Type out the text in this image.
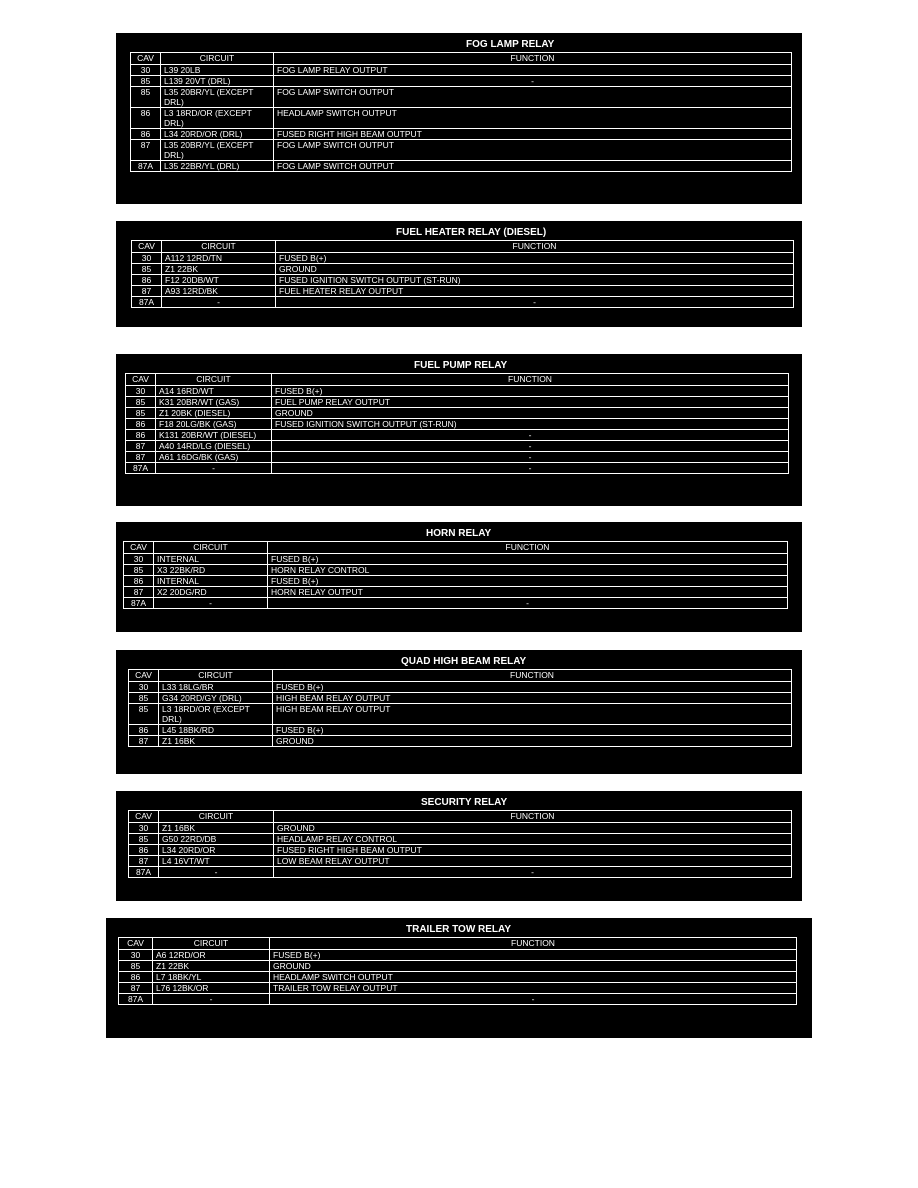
FOG LAMP RELAY
CAV	CIRCUIT	FUNCTION
30	L39 20LB	FOG LAMP RELAY OUTPUT
85	L139 20VT (DRL)	-
85	L35 20BR/YL (EXCEPT DRL)	FOG LAMP SWITCH OUTPUT
86	L3 18RD/OR (EXCEPT DRL)	HEADLAMP SWITCH OUTPUT
86	L34 20RD/OR (DRL)	FUSED RIGHT HIGH BEAM OUTPUT
87	L35 20BR/YL (EXCEPT DRL)	FOG LAMP SWITCH OUTPUT
87A	L35 22BR/YL (DRL)	FOG LAMP SWITCH OUTPUT
FUEL HEATER RELAY (DIESEL)
CAV	CIRCUIT	FUNCTION
30	A112 12RD/TN	FUSED B(+)
85	Z1 22BK	GROUND
86	F12 20DB/WT	FUSED IGNITION SWITCH OUTPUT (ST-RUN)
87	A93 12RD/BK	FUEL HEATER RELAY OUTPUT
87A	-	-
FUEL PUMP RELAY
CAV	CIRCUIT	FUNCTION
30	A14 16RD/WT	FUSED B(+)
85	K31 20BR/WT (GAS)	FUEL PUMP RELAY OUTPUT
85	Z1 20BK (DIESEL)	GROUND
86	F18 20LG/BK (GAS)	FUSED IGNITION SWITCH OUTPUT (ST-RUN)
86	K131 20BR/WT (DIESEL)	-
87	A40 14RD/LG (DIESEL)	-
87	A61 16DG/BK (GAS)	-
87A	-	-
HORN RELAY
CAV	CIRCUIT	FUNCTION
30	INTERNAL	FUSED B(+)
85	X3 22BK/RD	HORN RELAY CONTROL
86	INTERNAL	FUSED B(+)
87	X2 20DG/RD	HORN RELAY OUTPUT
87A	-	-
QUAD HIGH BEAM RELAY
CAV	CIRCUIT	FUNCTION
30	L33 18LG/BR	FUSED B(+)
85	G34 20RD/GY (DRL)	HIGH BEAM RELAY OUTPUT
85	L3 18RD/OR (EXCEPT DRL)	HIGH BEAM RELAY OUTPUT
86	L45 18BK/RD	FUSED B(+)
87	Z1 16BK	GROUND
SECURITY RELAY
CAV	CIRCUIT	FUNCTION
30	Z1 16BK	GROUND
85	G50 22RD/DB	HEADLAMP RELAY CONTROL
86	L34 20RD/OR	FUSED RIGHT HIGH BEAM OUTPUT
87	L4 16VT/WT	LOW BEAM RELAY OUTPUT
87A	-	-
TRAILER TOW RELAY
CAV	CIRCUIT	FUNCTION
30	A6 12RD/OR	FUSED B(+)
85	Z1 22BK	GROUND
86	L7 18BK/YL	HEADLAMP SWITCH OUTPUT
87	L76 12BK/OR	TRAILER TOW RELAY OUTPUT
87A	-	-
